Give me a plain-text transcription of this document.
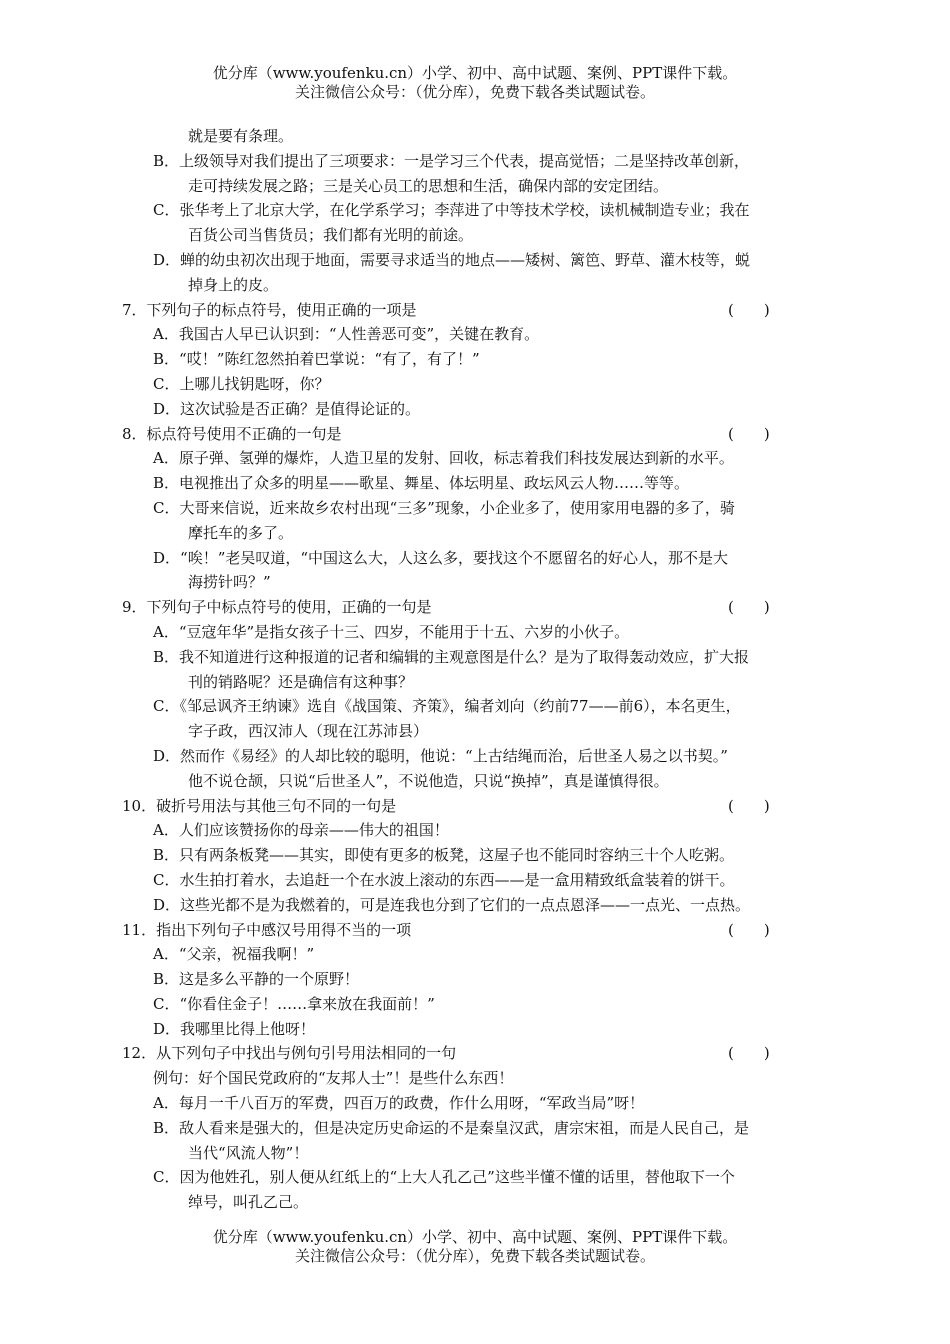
优分库（www.youfenku.cn）小学、初中、高中试题、案例、PPT课件下载。
关注微信公众号：（优分库），免费下载各类试题试卷。
就是要有条理。
B．上级领导对我们提出了三项要求：一是学习三个代表，提高觉悟；二是坚持改革创新，
走可持续发展之路；三是关心员工的思想和生活，确保内部的安定团结。
C．张华考上了北京大学，在化学系学习；李萍进了中等技术学校，读机械制造专业；我在
百货公司当售货员；我们都有光明的前途。
D．蝉的幼虫初次出现于地面，需要寻求适当的地点——矮树、篱笆、野草、灌木枝等，蜕
掉身上的皮。
7．下列句子的标点符号，使用正确的一项是	(　　)
A．我国古人早已认识到：“人性善恶可变”，关键在教育。
B．“哎！”陈红忽然拍着巴掌说：“有了，有了！”
C．上哪儿找钥匙呀，你？
D．这次试验是否正确？是值得论证的。
8．标点符号使用不正确的一句是	(　　)
A．原子弹、氢弹的爆炸，人造卫星的发射、回收，标志着我们科技发展达到新的水平。
B．电视推出了众多的明星——歌星、舞星、体坛明星、政坛风云人物……等等。
C．大哥来信说，近来故乡农村出现“三多”现象，小企业多了，使用家用电器的多了，骑
摩托车的多了。
D．“唉！”老吴叹道，“中国这么大，人这么多，要找这个不愿留名的好心人，那不是大
海捞针吗？”
9．下列句子中标点符号的使用，正确的一句是	(　　)
A．“豆寇年华”是指女孩子十三、四岁，不能用于十五、六岁的小伙子。
B．我不知道进行这种报道的记者和编辑的主观意图是什么？是为了取得轰动效应，扩大报
刊的销路呢？还是确信有这种事？
C．《邹忌讽齐王纳谏》选自《战国策、齐策》，编者刘向（约前77——前6），本名更生，
字子政，西汉沛人（现在江苏沛县）
D．然而作《易经》的人却比较的聪明，他说：“上古结绳而治，后世圣人易之以书契。”
他不说仓颉，只说“后世圣人”，不说他造，只说“换掉”，真是谨慎得很。
10．破折号用法与其他三句不同的一句是	(　　)
A．人们应该赞扬你的母亲——伟大的祖国！
B．只有两条板凳——其实，即使有更多的板凳，这屋子也不能同时容纳三十个人吃粥。
C．水生拍打着水，去追赶一个在水波上滚动的东西——是一盒用精致纸盒装着的饼干。
D．这些光都不是为我燃着的，可是连我也分到了它们的一点点恩泽——一点光、一点热。
11．指出下列句子中感汉号用得不当的一项	(　　)
A．“父亲，祝福我啊！”
B．这是多么平静的一个原野！
C．“你看住金子！……拿来放在我面前！”
D．我哪里比得上他呀！
12．从下列句子中找出与例句引号用法相同的一句	(　　)
例句：好个国民党政府的“友邦人士”！是些什么东西！
A．每月一千八百万的军费，四百万的政费，作什么用呀，“军政当局”呀！
B．敌人看来是强大的，但是决定历史命运的不是秦皇汉武，唐宗宋祖，而是人民自己，是
当代“风流人物”！
C．因为他姓孔，别人便从红纸上的“上大人孔乙己”这些半懂不懂的话里，替他取下一个
绰号，叫孔乙己。
优分库（www.youfenku.cn）小学、初中、高中试题、案例、PPT课件下载。
关注微信公众号：（优分库），免费下载各类试题试卷。
